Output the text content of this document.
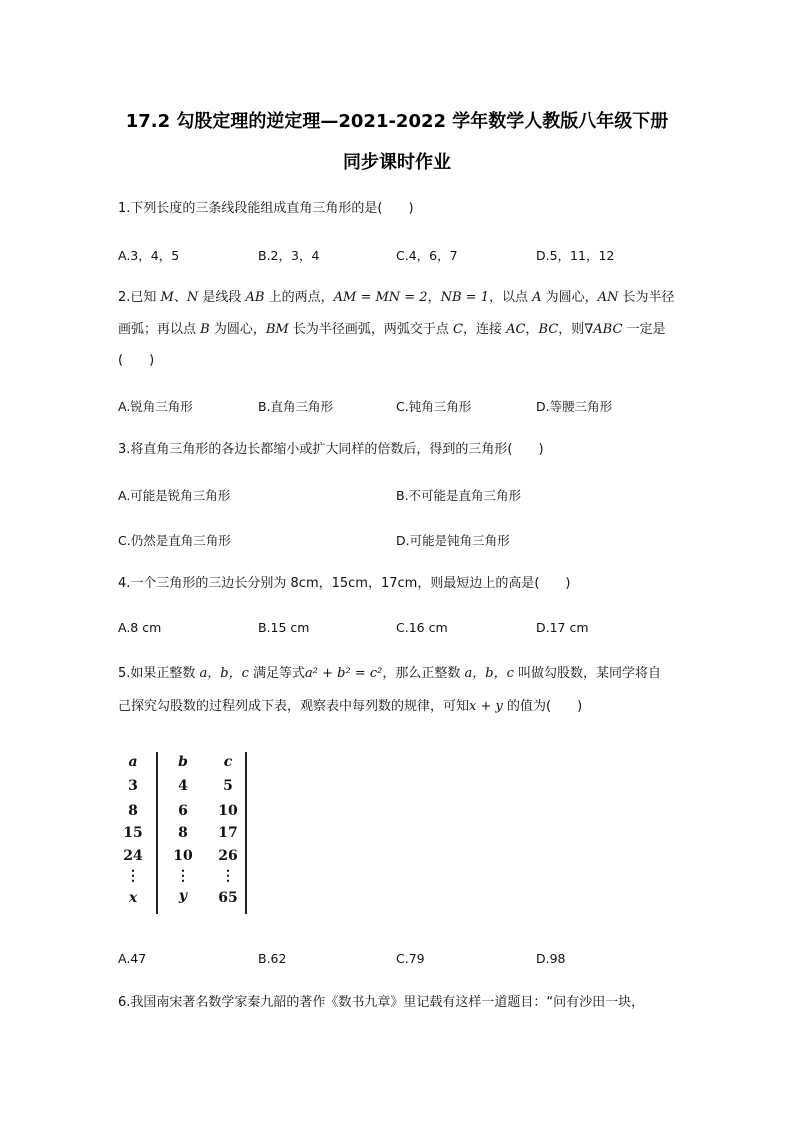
17.2 勾股定理的逆定理—2021-2022 学年数学人教版八年级下册
同步课时作业
1.下列长度的三条线段能组成直角三角形的是(　　)
A.3，4，5	B.2，3，4	C.4，6，7	D.5，11，12
2.已知 M、N 是线段 AB 上的两点，AM = MN = 2，NB = 1，以点 A 为圆心，AN 长为半径
画弧；再以点 B 为圆心，BM 长为半径画弧，两弧交于点 C，连接 AC，BC，则∇ABC 一定是
(　　)
A.锐角三角形	B.直角三角形	C.钝角三角形	D.等腰三角形
3.将直角三角形的各边长都缩小或扩大同样的倍数后，得到的三角形(　　)
A.可能是锐角三角形	B.不可能是直角三角形
C.仍然是直角三角形	D.可能是钝角三角形
4.一个三角形的三边长分别为 8cm，15cm，17cm，则最短边上的高是(　　)
A.8 cm	B.15 cm	C.16 cm	D.17 cm
5.如果正整数 a，b，c 满足等式a² + b² = c²，那么正整数 a，b，c 叫做勾股数，某同学将自
己探究勾股数的过程列成下表，观察表中每列数的规律，可知x + y 的值为(　　)
a	b	c
3	4	5
8	6	10
15	8	17
24	10	26
⋮	⋮	⋮
x	y	65
A.47	B.62	C.79	D.98
6.我国南宋著名数学家秦九韶的著作《数书九章》里记载有这样一道题目：“问有沙田一块，
